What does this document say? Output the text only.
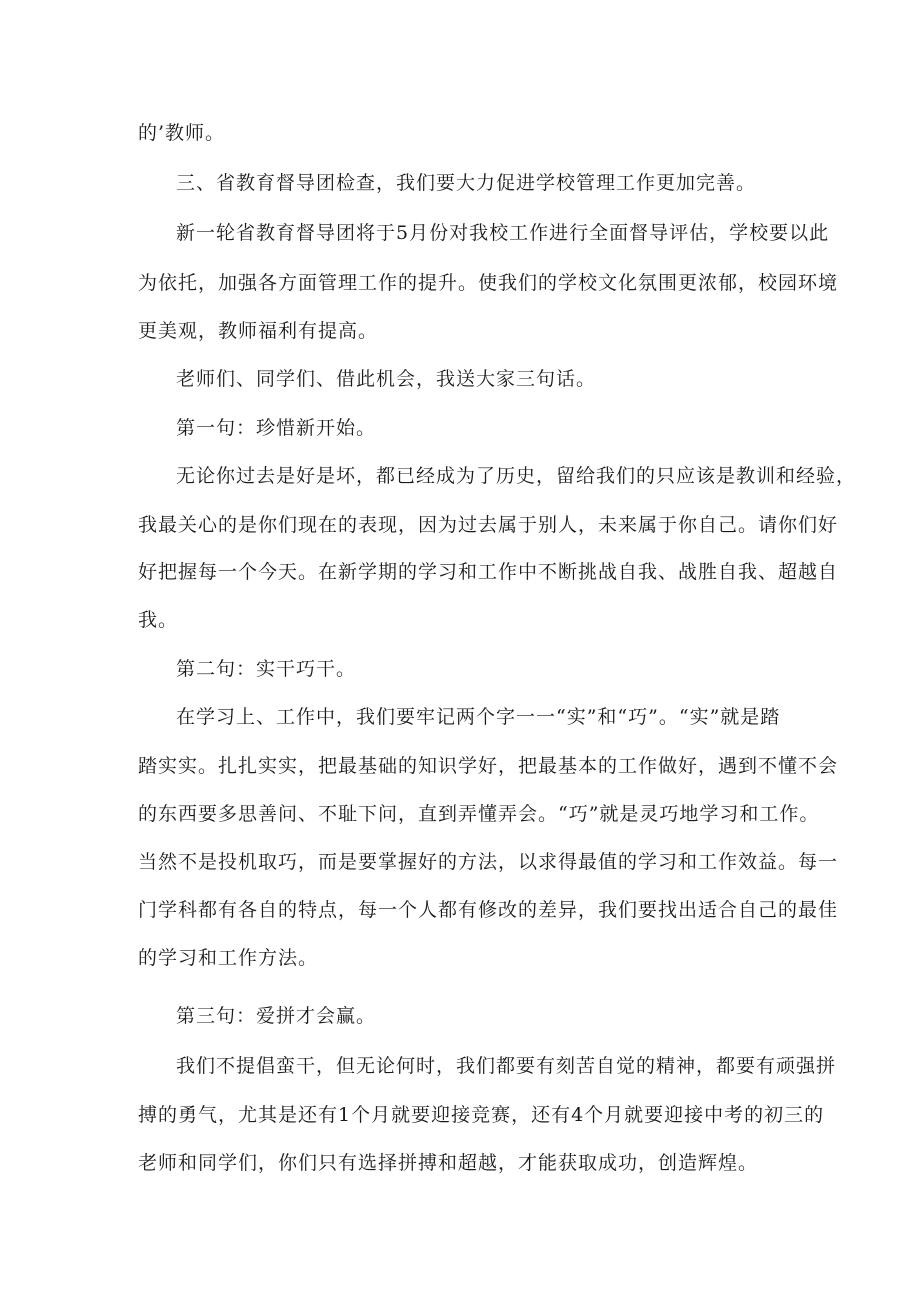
的’教师。
三、省教育督导团检查，我们要大力促进学校管理工作更加完善。
新一轮省教育督导团将于5月份对我校工作进行全面督导评估，学校要以此
为依托，加强各方面管理工作的提升。使我们的学校文化氛围更浓郁，校园环境
更美观，教师福利有提高。
老师们、同学们、借此机会，我送大家三句话。
第一句：珍惜新开始。
无论你过去是好是坏，都已经成为了历史，留给我们的只应该是教训和经验，
我最关心的是你们现在的表现，因为过去属于别人，未来属于你自己。请你们好
好把握每一个今天。在新学期的学习和工作中不断挑战自我、战胜自我、超越自
我。
第二句：实干巧干。
在学习上、工作中，我们要牢记两个字一一“实”和“巧”。“实”就是踏
踏实实。扎扎实实，把最基础的知识学好，把最基本的工作做好，遇到不懂不会
的东西要多思善问、不耻下问，直到弄懂弄会。“巧”就是灵巧地学习和工作。
当然不是投机取巧，而是要掌握好的方法，以求得最值的学习和工作效益。每一
门学科都有各自的特点，每一个人都有修改的差异，我们要找出适合自己的最佳
的学习和工作方法。
第三句：爱拼才会赢。
我们不提倡蛮干，但无论何时，我们都要有刻苦自觉的精神，都要有顽强拼
搏的勇气，尤其是还有1个月就要迎接竞赛，还有4个月就要迎接中考的初三的
老师和同学们，你们只有选择拼搏和超越，才能获取成功，创造辉煌。
